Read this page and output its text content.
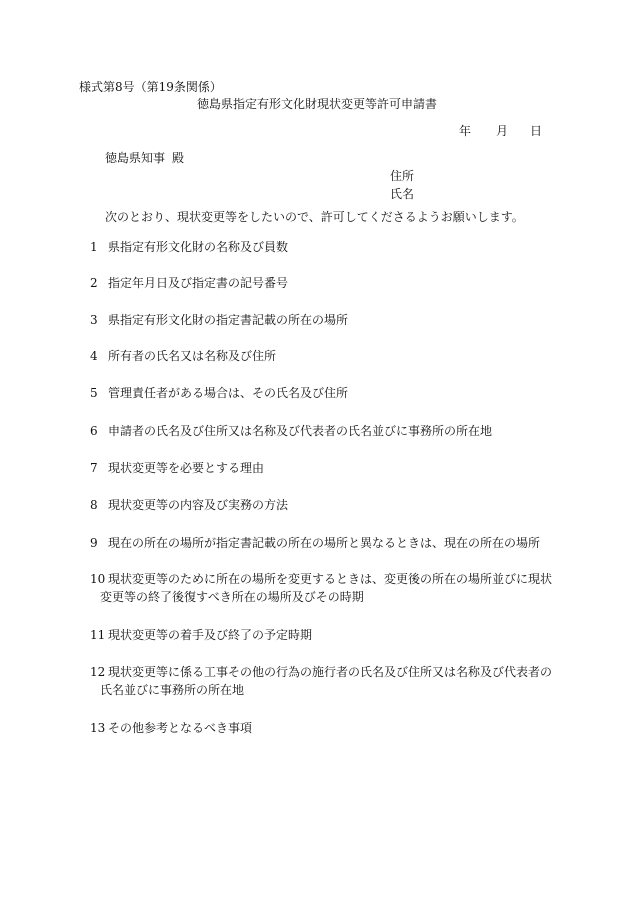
様式第8号（第19条関係）
徳島県指定有形文化財現状変更等許可申請書
年 月 日
徳島県知事 殿
住所
氏名
次のとおり、現状変更等をしたいので、許可してくださるようお願いします。
1 県指定有形文化財の名称及び員数
2 指定年月日及び指定書の記号番号
3 県指定有形文化財の指定書記載の所在の場所
4 所有者の氏名又は名称及び住所
5 管理責任者がある場合は、その氏名及び住所
6 申請者の氏名及び住所又は名称及び代表者の氏名並びに事務所の所在地
7 現状変更等を必要とする理由
8 現状変更等の内容及び実務の方法
9 現在の所在の場所が指定書記載の所在の場所と異なるときは、現在の所在の場所
10 現状変更等のために所在の場所を変更するときは、変更後の所在の場所並びに現状
変更等の終了後復すべき所在の場所及びその時期
11 現状変更等の着手及び終了の予定時期
12 現状変更等に係る工事その他の行為の施行者の氏名及び住所又は名称及び代表者の
氏名並びに事務所の所在地
13 その他参考となるべき事項
